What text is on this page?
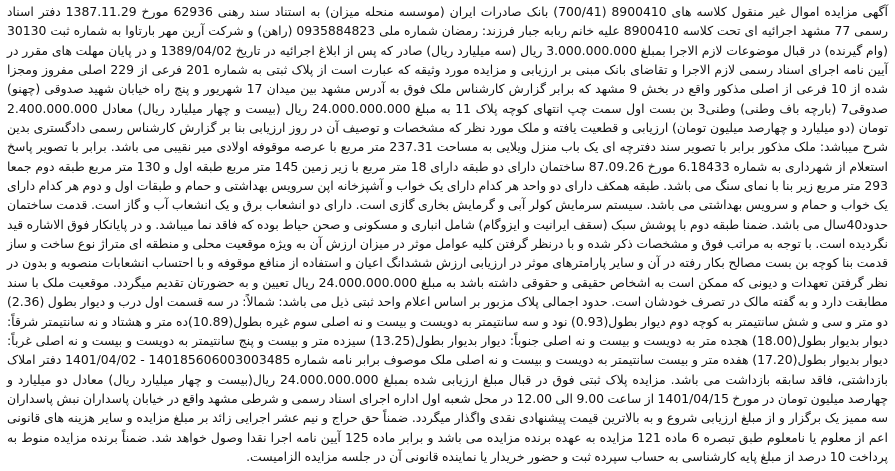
آگهی مزایده اموال غیر منقول کلاسه های 8900410 (700/41) بانک صادرات ایران (موسسه منحله میزان) به استناد سند رهنی 62936 مورخ 1387.11.29 دفتر اسناد رسمی 77 مشهد اجرائیه ای تحت کلاسه 8900410 علیه خانم ربابه جبار فرزند: رمضان شماره ملی 0935884823 (راهن) و شرکت آرین مهر بارتاوا به شماره ثبت 30130 (وام گیرنده) در قبال موضوعات لازم الاجرا بمبلغ 3.000.000.000 ریال (سه میلیارد ریال) صادر که پس از ابلاغ اجرائیه در تاریخ 1389/04/02 و در پایان مهلت های مقرر در آیین نامه اجرای اسناد رسمی لازم الاجرا و تقاضای بانک مبنی بر ارزیابی و مزایده مورد وثیقه که عبارت است از پلاک ثبتی به شماره 201 فرعی از 229 اصلی مفروز ومجزا شده از 10 فرعی از اصلی مذکور واقع در بخش 9 مشهد که برابر گزارش کارشناس ملک فوق به آدرس مشهد بین میدان 17 شهریور و پنج راه خیابان شهید صدوقی (چهنو) صدوقی7 (بارچه باف وطنی) وطنی3 بن بست اول سمت چپ انتهای کوچه پلاک 11 به مبلغ 24.000.000.000 ریال (بیست و چهار میلیارد ریال) معادل 2.400.000.000 تومان (دو میلیارد و چهارصد میلیون تومان) ارزیابی و قطعیت یافته و ملک مورد نظر که مشخصات و توصیف آن در روز ارزیابی بنا بر گزارش کارشناس رسمی دادگستری بدین شرح میباشد: ملک مذکور برابر با تصویر سند دفترچه ای یک باب منزل ویلایی به مساحت 237.31 متر مربع با عرصه موقوفه اولادی میر نقیبی می باشد. برابر با تصویر پاسخ استعلام از شهرداری به شماره 6.18433 مورخ 87.09.26 ساختمان دارای دو طبقه دارای 18 متر مربع با زیر زمین 145 متر مربع طبقه اول و 130 متر مربع طبقه دوم جمعا 293 متر مربع زیر بنا با نمای سنگ می باشد. طبقه همکف دارای دو واحد هر کدام دارای یک خواب و آشپزخانه اپن سرویس بهداشتی و حمام و طبقات اول و دوم هر کدام دارای یک خواب و حمام و سرویس بهداشتی می باشد. سیستم سرمایش کولر آبی و گرمایش بخاری گازی است. دارای دو انشعاب برق و یک انشعاب آب و گاز است. قدمت ساختمان حدود40سال می باشد. ضمنا طبقه دوم با پوشش سبک (سقف ایرانیت و ایزوگام) شامل انباری و مسکونی و صحن حیاط بوده که فاقد نما میباشد. و در پایانکار فوق الاشاره قید نگردیده است. با توجه به مراتب فوق و مشخصات ذکر شده و با درنظر گرفتن کلیه عوامل موثر در میزان ارزش آن به ویژه موقعیت محلی و منطقه ای متراژ نوع ساخت و ساز قدمت بنا کوچه بن بست مصالح بکار رفته در آن و سایر پارامترهای موثر در ارزیابی ارزش ششدانگ اعیان و استفاده از منافع موقوفه و با احتساب انشعابات منصوبه و بدون در نظر گرفتن تعهدات و دیونی که ممکن است به اشخاص حقیقی و حقوقی داشته باشد به مبلغ 24.000.000.000 ریال تعیین و به حضورتان تقدیم میگردد. موقعیت ملک با سند مطابقت دارد و به گفته مالک در تصرف خودشان است. حدود اجمالی پلاک مزبور بر اساس اعلام واحد ثبتی ذیل می باشد: شمالاً: در سه قسمت اول درب و دیوار بطول (2.36) دو متر و سی و شش سانتیمتر به کوچه دوم دیوار بطول(0.93) نود و سه سانتیمتر به دویست و بیست و نه اصلی سوم غیره بطول(10.89)ده متر و هشتاد و نه سانتیمتر شرقاً: دیوار بدیوار بطول(18.00) هجده متر به دویست و بیست و نه اصلی جنوباً: دیوار بدیوار بطول(13.25) سیزده متر و بیست و پنج سانتیمتر به دویست و بیست و نه اصلی غرباً: دیوار بدیوار بطول(17.20) هفده متر و بیست سانتیمتر به دویست و بیست و نه اصلی ملک موصوف برابر نامه شماره 140185606003003485 - 1401/04/02 دفتر املاک بازداشتی، فاقد سابقه بازداشت می باشد. مزایده پلاک ثبتی فوق در قبال مبلغ ارزیابی شده بمبلغ 24.000.000.000 ریال(بیست و چهار میلیارد ریال) معادل دو میلیارد و چهارصد میلیون تومان در مورخ 1401/04/15 از ساعت 9.00 الی 12.00 در محل شعبه اول اداره اجرای اسناد رسمی و شرطی مشهد واقع در خیابان پاسداران نبش پاسداران سه ممیز یک برگزار و از مبلغ ارزیابی شروع و به بالاترین قیمت پیشنهادی نقدی واگذار میگردد. ضمناً حق حراج و نیم عشر اجرایی زائد بر مبلغ مزایده و سایر هزینه های قانونی اعم از معلوم یا نامعلوم طبق تبصره 6 ماده 121 مزایده به عهده برنده مزایده می باشد و برابر ماده 125 آیین نامه اجرا نقدا وصول خواهد شد. ضمناً برنده مزایده منوط به پرداخت 10 درصد از مبلغ پایه کارشناسی به حساب سپرده ثبت و حضور خریدار یا نماینده قانونی آن در جلسه مزایده الزامیست.
